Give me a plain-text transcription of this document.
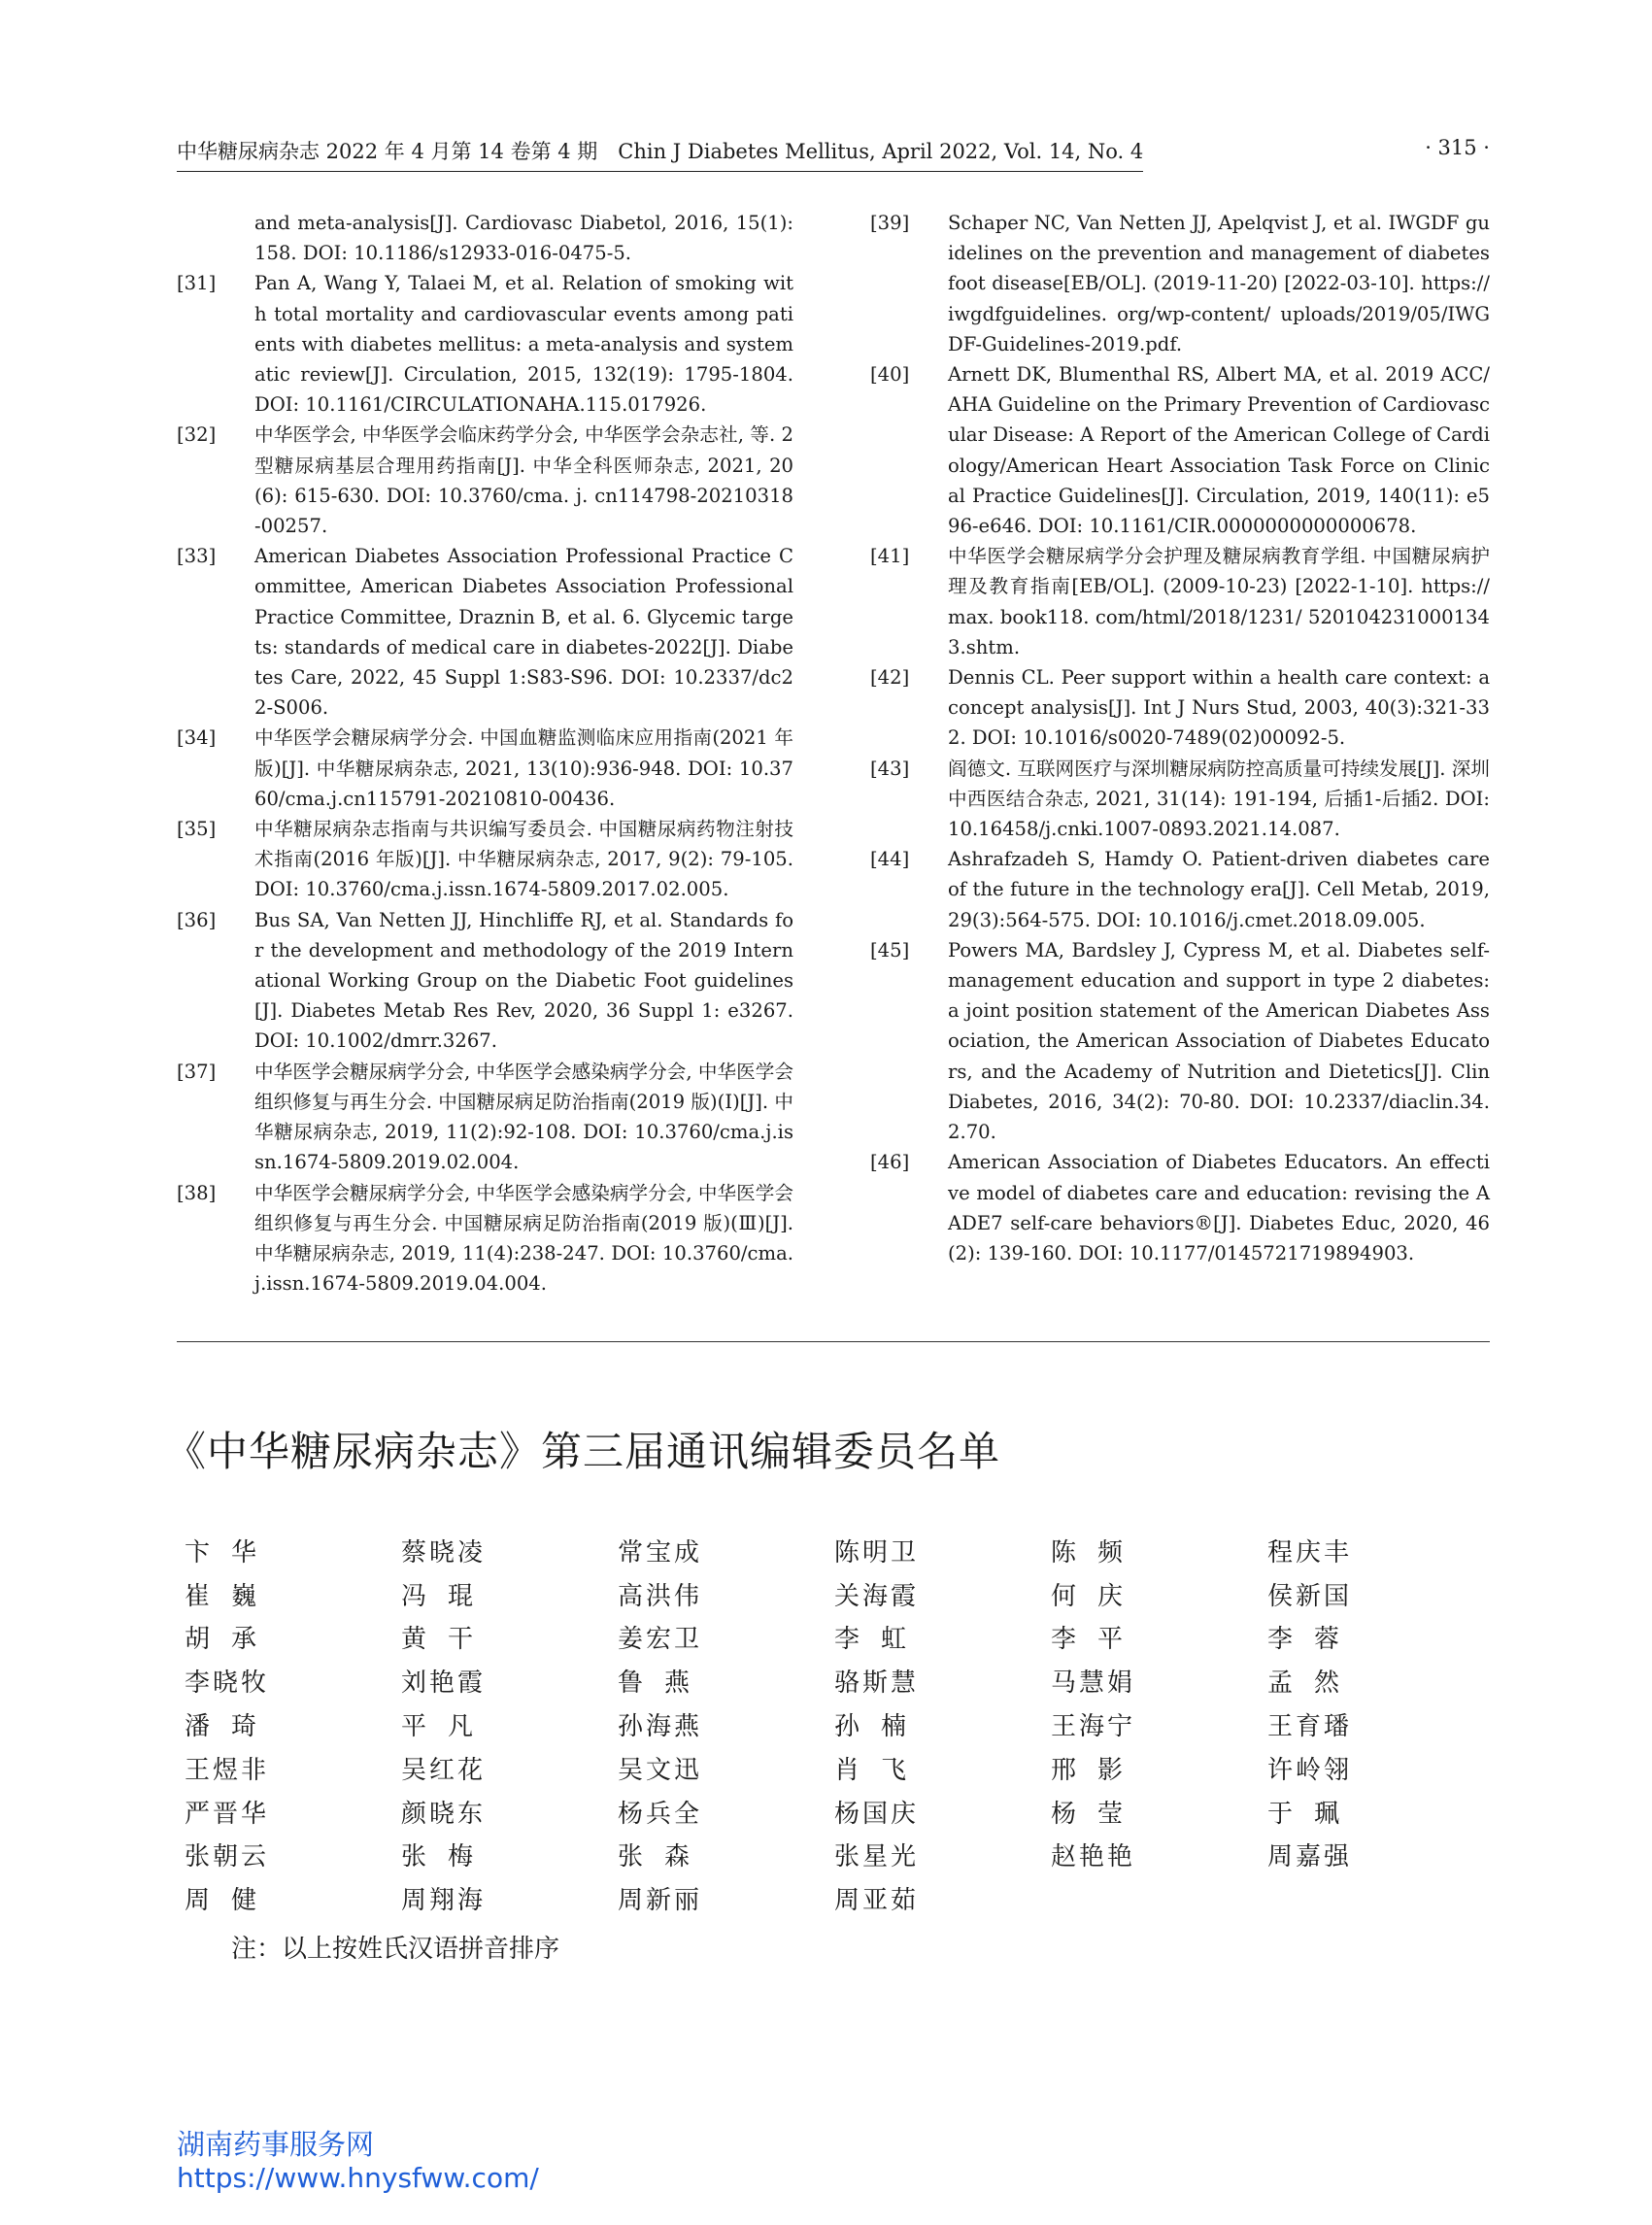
中华糖尿病杂志 2022 年 4 月第 14 卷第 4 期　Chin J Diabetes Mellitus, April 2022, Vol. 14, No. 4	· 315 ·
and meta-analysis[J]. Cardiovasc Diabetol, 2016, 15(1): 158. DOI: 10.1186/s12933-016-0475-5.
[31]	Pan A, Wang Y, Talaei M, et al. Relation of smoking with total mortality and cardiovascular events among patients with diabetes mellitus: a meta-analysis and systematic review[J]. Circulation, 2015, 132(19): 1795-1804. DOI: 10.1161/CIRCULATIONAHA.115.017926.
[32]	中华医学会, 中华医学会临床药学分会, 中华医学会杂志社, 等. 2 型糖尿病基层合理用药指南[J]. 中华全科医师杂志, 2021, 20(6): 615-630. DOI: 10.3760/cma. j. cn114798-20210318-00257.
[33]	American Diabetes Association Professional Practice Committee, American Diabetes Association Professional Practice Committee, Draznin B, et al. 6. Glycemic targets: standards of medical care in diabetes-2022[J]. Diabetes Care, 2022, 45 Suppl 1:S83-S96. DOI: 10.2337/dc22-S006.
[34]	中华医学会糖尿病学分会. 中国血糖监测临床应用指南(2021 年版)[J]. 中华糖尿病杂志, 2021, 13(10):936-948. DOI: 10.3760/cma.j.cn115791-20210810-00436.
[35]	中华糖尿病杂志指南与共识编写委员会. 中国糖尿病药物注射技术指南(2016 年版)[J]. 中华糖尿病杂志, 2017, 9(2): 79-105. DOI: 10.3760/cma.j.issn.1674-5809.2017.02.005.
[36]	Bus SA, Van Netten JJ, Hinchliffe RJ, et al. Standards for the development and methodology of the 2019 International Working Group on the Diabetic Foot guidelines[J]. Diabetes Metab Res Rev, 2020, 36 Suppl 1: e3267. DOI: 10.1002/dmrr.3267.
[37]	中华医学会糖尿病学分会, 中华医学会感染病学分会, 中华医学会组织修复与再生分会. 中国糖尿病足防治指南(2019 版)(Ⅰ)[J]. 中华糖尿病杂志, 2019, 11(2):92-108. DOI: 10.3760/cma.j.issn.1674-5809.2019.02.004.
[38]	中华医学会糖尿病学分会, 中华医学会感染病学分会, 中华医学会组织修复与再生分会. 中国糖尿病足防治指南(2019 版)(Ⅲ)[J]. 中华糖尿病杂志, 2019, 11(4):238-247. DOI: 10.3760/cma.j.issn.1674-5809.2019.04.004.
[39]	Schaper NC, Van Netten JJ, Apelqvist J, et al. IWGDF guidelines on the prevention and management of diabetes foot disease[EB/OL]. (2019-11-20) [2022-03-10]. https://iwgdfguidelines. org/wp-content/ uploads/2019/05/IWGDF-Guidelines-2019.pdf.
[40]	Arnett DK, Blumenthal RS, Albert MA, et al. 2019 ACC/ AHA Guideline on the Primary Prevention of Cardiovascular Disease: A Report of the American College of Cardiology/American Heart Association Task Force on Clinical Practice Guidelines[J]. Circulation, 2019, 140(11): e596-e646. DOI: 10.1161/CIR.0000000000000678.
[41]	中华医学会糖尿病学分会护理及糖尿病教育学组. 中国糖尿病护理及教育指南[EB/OL]. (2009-10-23) [2022-1-10]. https://max. book118. com/html/2018/1231/ 5201042310001343.shtm.
[42]	Dennis CL. Peer support within a health care context: a concept analysis[J]. Int J Nurs Stud, 2003, 40(3):321-332. DOI: 10.1016/s0020-7489(02)00092-5.
[43]	阎德文. 互联网医疗与深圳糖尿病防控高质量可持续发展[J]. 深圳中西医结合杂志, 2021, 31(14): 191-194, 后插1-后插2. DOI: 10.16458/j.cnki.1007-0893.2021.14.087.
[44]	Ashrafzadeh S, Hamdy O. Patient-driven diabetes care of the future in the technology era[J]. Cell Metab, 2019, 29(3):564-575. DOI: 10.1016/j.cmet.2018.09.005.
[45]	Powers MA, Bardsley J, Cypress M, et al. Diabetes self-management education and support in type 2 diabetes: a joint position statement of the American Diabetes Association, the American Association of Diabetes Educators, and the Academy of Nutrition and Dietetics[J]. Clin Diabetes, 2016, 34(2): 70-80. DOI: 10.2337/diaclin.34.2.70.
[46]	American Association of Diabetes Educators. An effective model of diabetes care and education: revising the AADE7 self-care behaviors®[J]. Diabetes Educ, 2020, 46(2): 139-160. DOI: 10.1177/0145721719894903.
《中华糖尿病杂志》第三届通讯编辑委员名单
卞华	蔡晓凌	常宝成	陈明卫	陈频	程庆丰
崔巍	冯琨	高洪伟	关海霞	何庆	侯新国
胡承	黄干	姜宏卫	李虹	李平	李蓉
李晓牧	刘艳霞	鲁燕	骆斯慧	马慧娟	孟然
潘琦	平凡	孙海燕	孙楠	王海宁	王育璠
王煜非	吴红花	吴文迅	肖飞	邢影	许岭翎
严晋华	颜晓东	杨兵全	杨国庆	杨莹	于珮
张朝云	张梅	张森	张星光	赵艳艳	周嘉强
周健	周翔海	周新丽	周亚茹
注：以上按姓氏汉语拼音排序
湖南药事服务网
https://www.hnysfww.com/
